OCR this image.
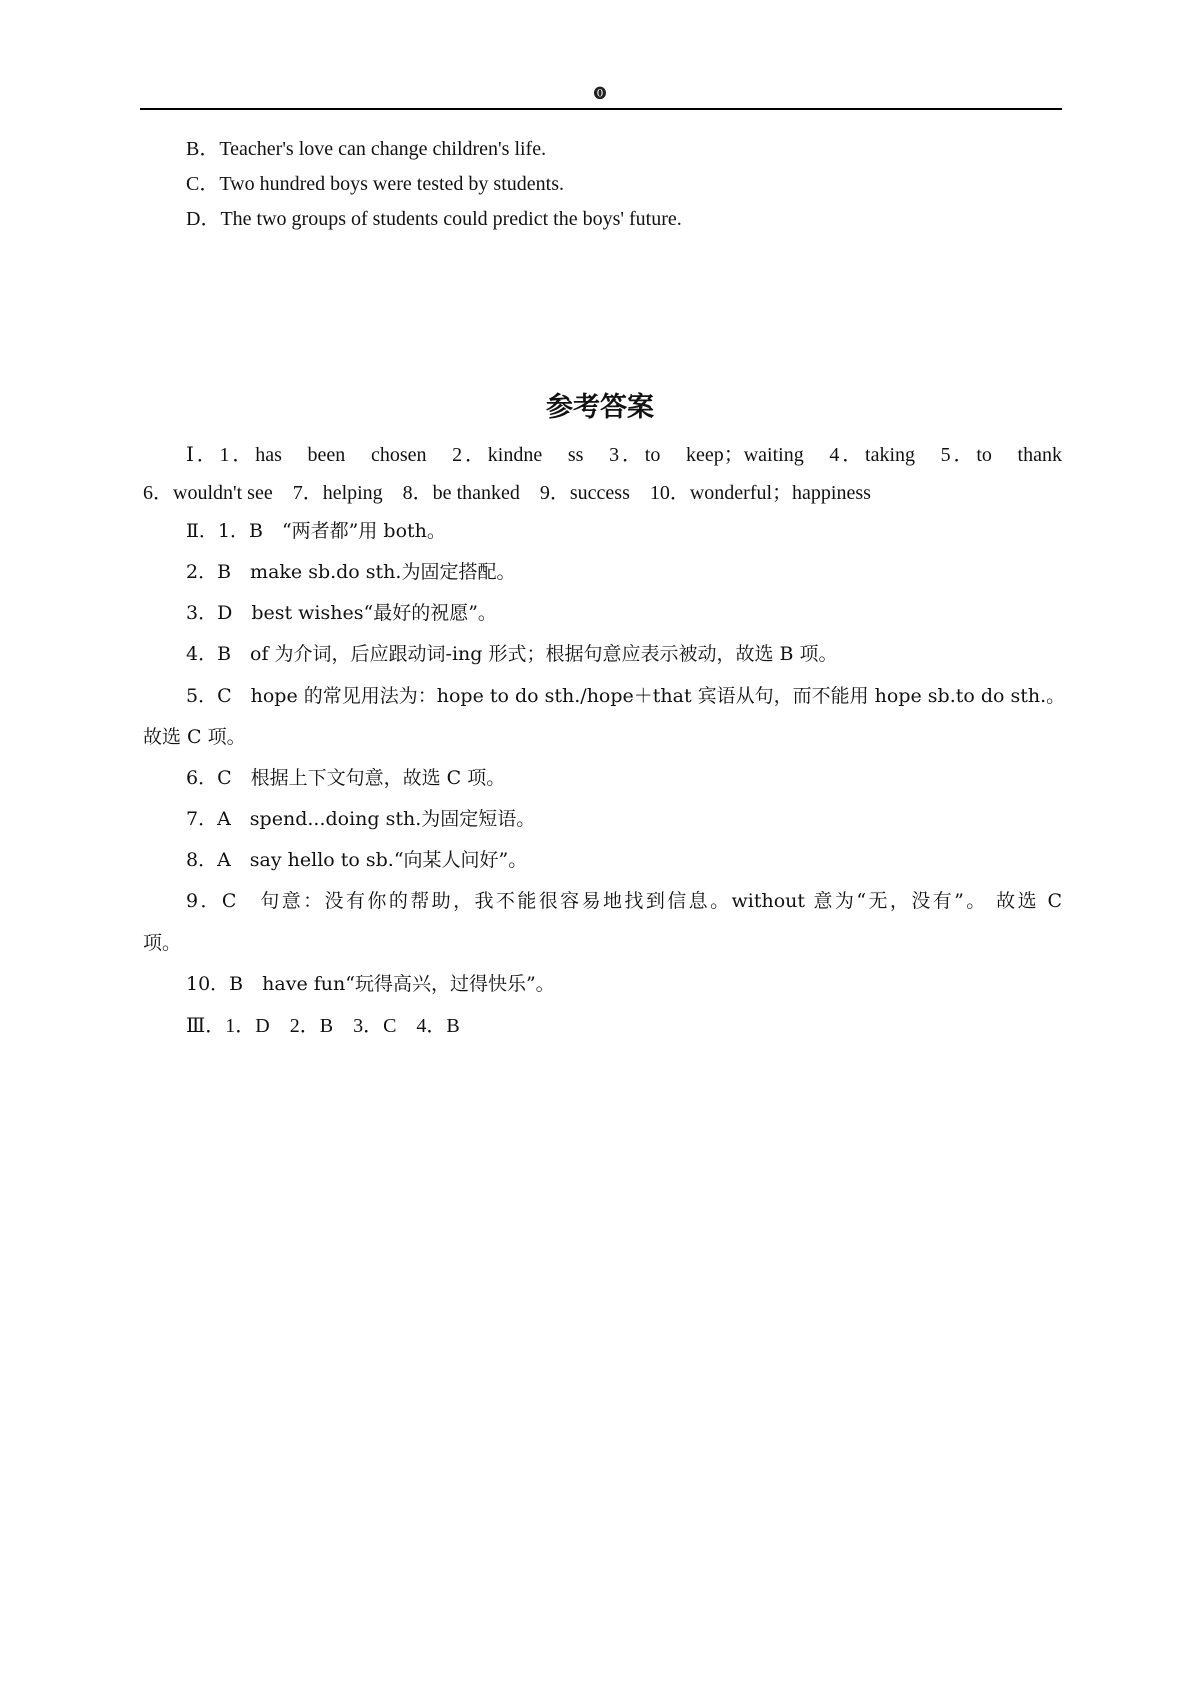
🄌
B．Teacher's love can change children's life.
C．Two hundred boys were tested by students.
D．The two groups of students could predict the boys' future.
参考答案
Ⅰ．1．has　been　chosen　2．kindne　ss　3．to　keep；waiting　4．taking　5．to　thank
6．wouldn't see　7．helping　8．be thanked　9．success　10．wonderful；happiness
Ⅱ．1．B　“两者都”用 both。
2．B　make sb.do sth.为固定搭配。
3．D　best wishes“最好的祝愿”。
4．B　of 为介词，后应跟动词-ing 形式；根据句意应表示被动，故选 B 项。
5．C　hope 的常见用法为：hope to do sth./hope＋that 宾语从句，而不能用 hope sb.to do sth.。
故选 C 项。
6．C　根据上下文句意，故选 C 项。
7．A　spend...doing sth.为固定短语。
8．A　say hello to sb.“向某人问好”。
9．C　句意：没有你的帮助，我不能很容易地找到信息。without 意为“无，没有”。 故选 C
项。
10．B　have fun“玩得高兴，过得快乐”。
Ⅲ．1．D　2．B　3．C　4．B
